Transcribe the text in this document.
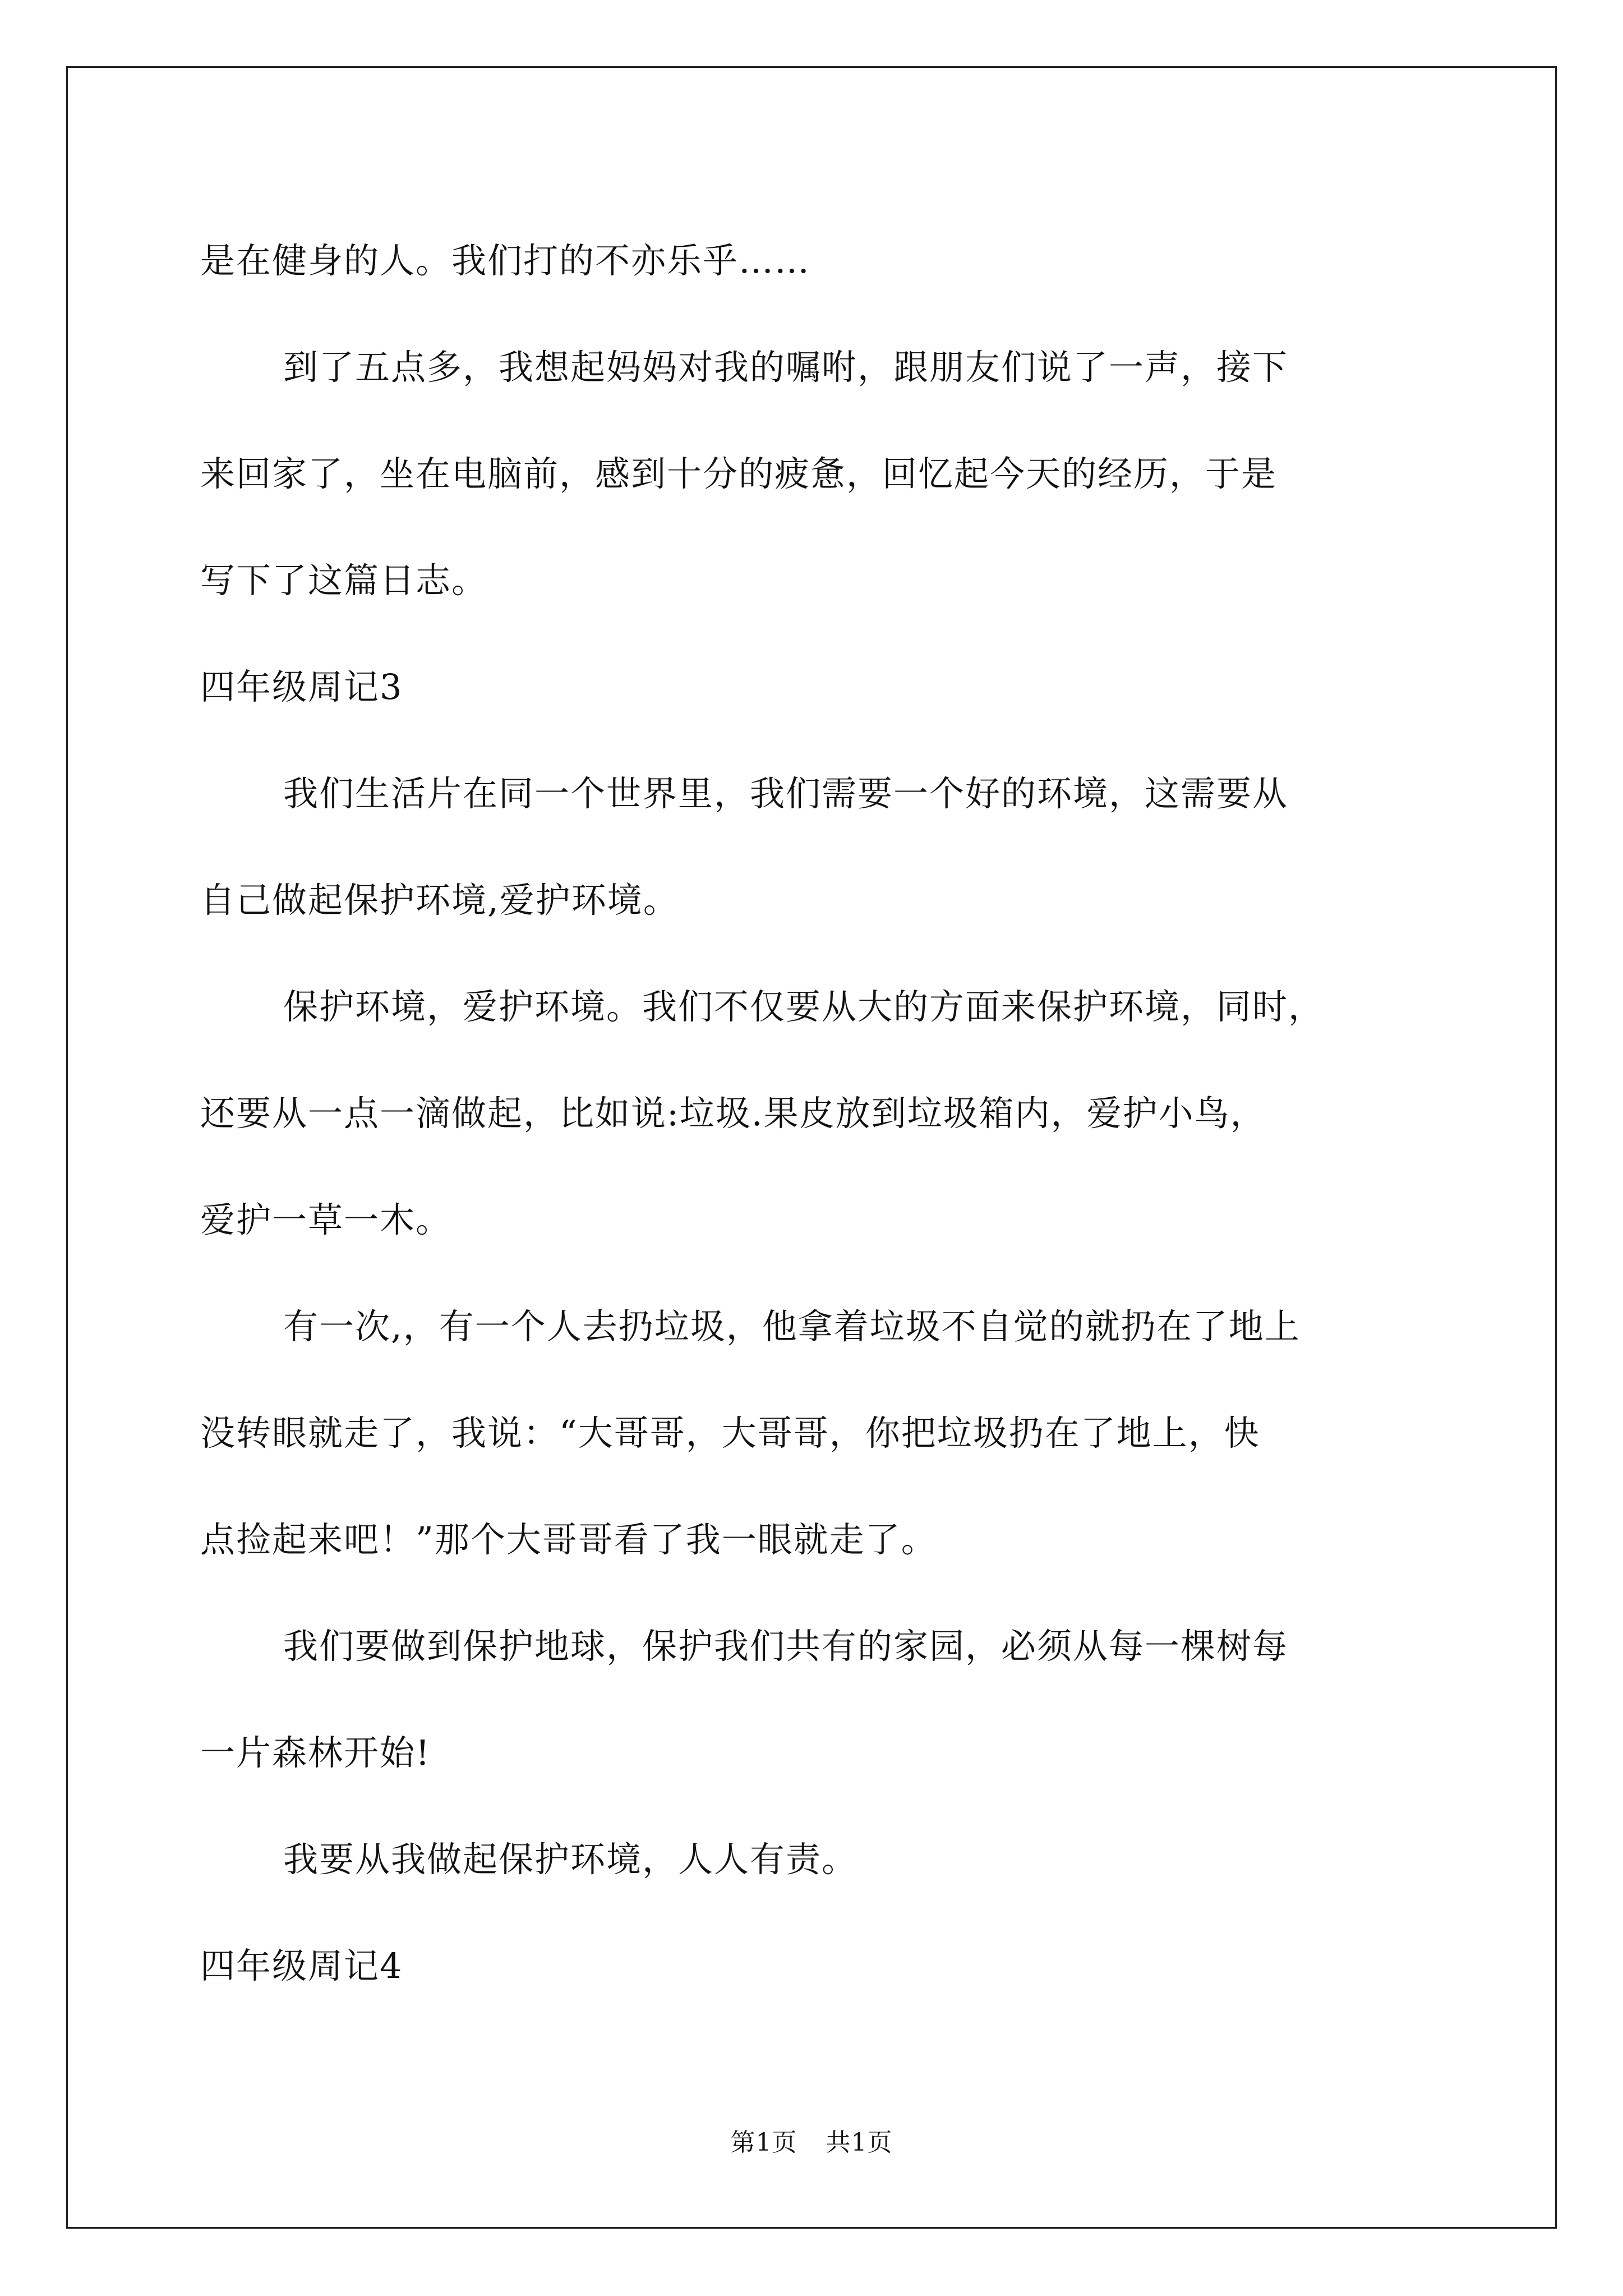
是在健身的人。我们打的不亦乐乎……
到了五点多，我想起妈妈对我的嘱咐，跟朋友们说了一声，接下
来回家了，坐在电脑前，感到十分的疲惫，回忆起今天的经历，于是
写下了这篇日志。
四年级周记3
我们生活片在同一个世界里，我们需要一个好的环境，这需要从
自己做起保护环境,爱护环境。
保护环境，爱护环境。我们不仅要从大的方面来保护环境，同时，
还要从一点一滴做起，比如说:垃圾.果皮放到垃圾箱内，爱护小鸟，
爱护一草一木。
有一次,，有一个人去扔垃圾，他拿着垃圾不自觉的就扔在了地上
没转眼就走了，我说：“大哥哥，大哥哥，你把垃圾扔在了地上，快
点捡起来吧！”那个大哥哥看了我一眼就走了。
我们要做到保护地球，保护我们共有的家园，必须从每一棵树每
一片森林开始!
我要从我做起保护环境，人人有责。
四年级周记4
第1页 共1页
